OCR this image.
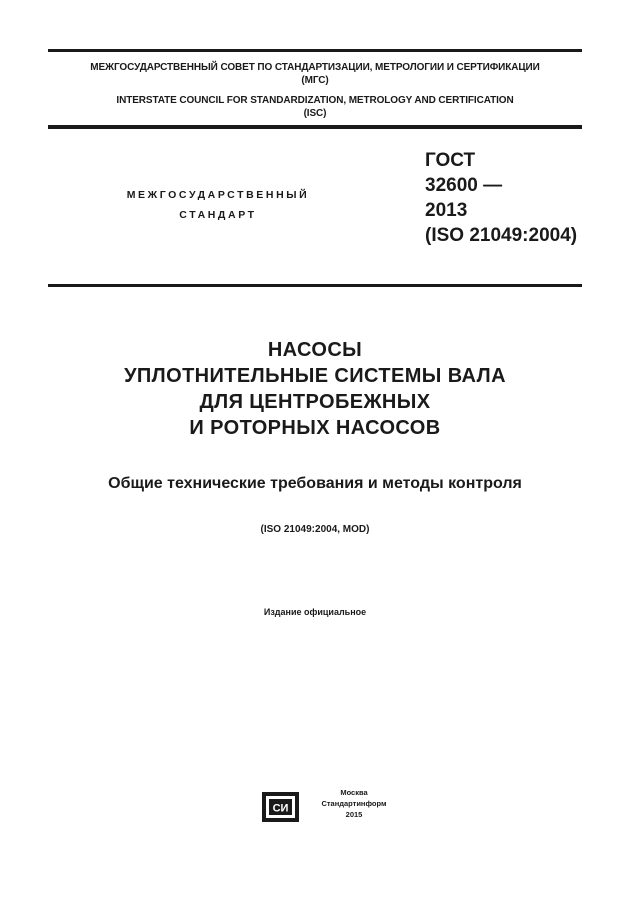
МЕЖГОСУДАРСТВЕННЫЙ СОВЕТ ПО СТАНДАРТИЗАЦИИ, МЕТРОЛОГИИ И СЕРТИФИКАЦИИ
(МГС)
INTERSTATE COUNCIL FOR STANDARDIZATION, METROLOGY AND CERTIFICATION
(ISC)
МЕЖГОСУДАРСТВЕННЫЙ
СТАНДАРТ
ГОСТ
32600 —
2013
(ISO 21049:2004)
НАСОСЫ
УПЛОТНИТЕЛЬНЫЕ СИСТЕМЫ ВАЛА
ДЛЯ ЦЕНТРОБЕЖНЫХ
И РОТОРНЫХ НАСОСОВ
Общие технические требования и методы контроля
(ISO 21049:2004, MOD)
Издание официальное
СИ
Москва
Стандартинформ
2015
